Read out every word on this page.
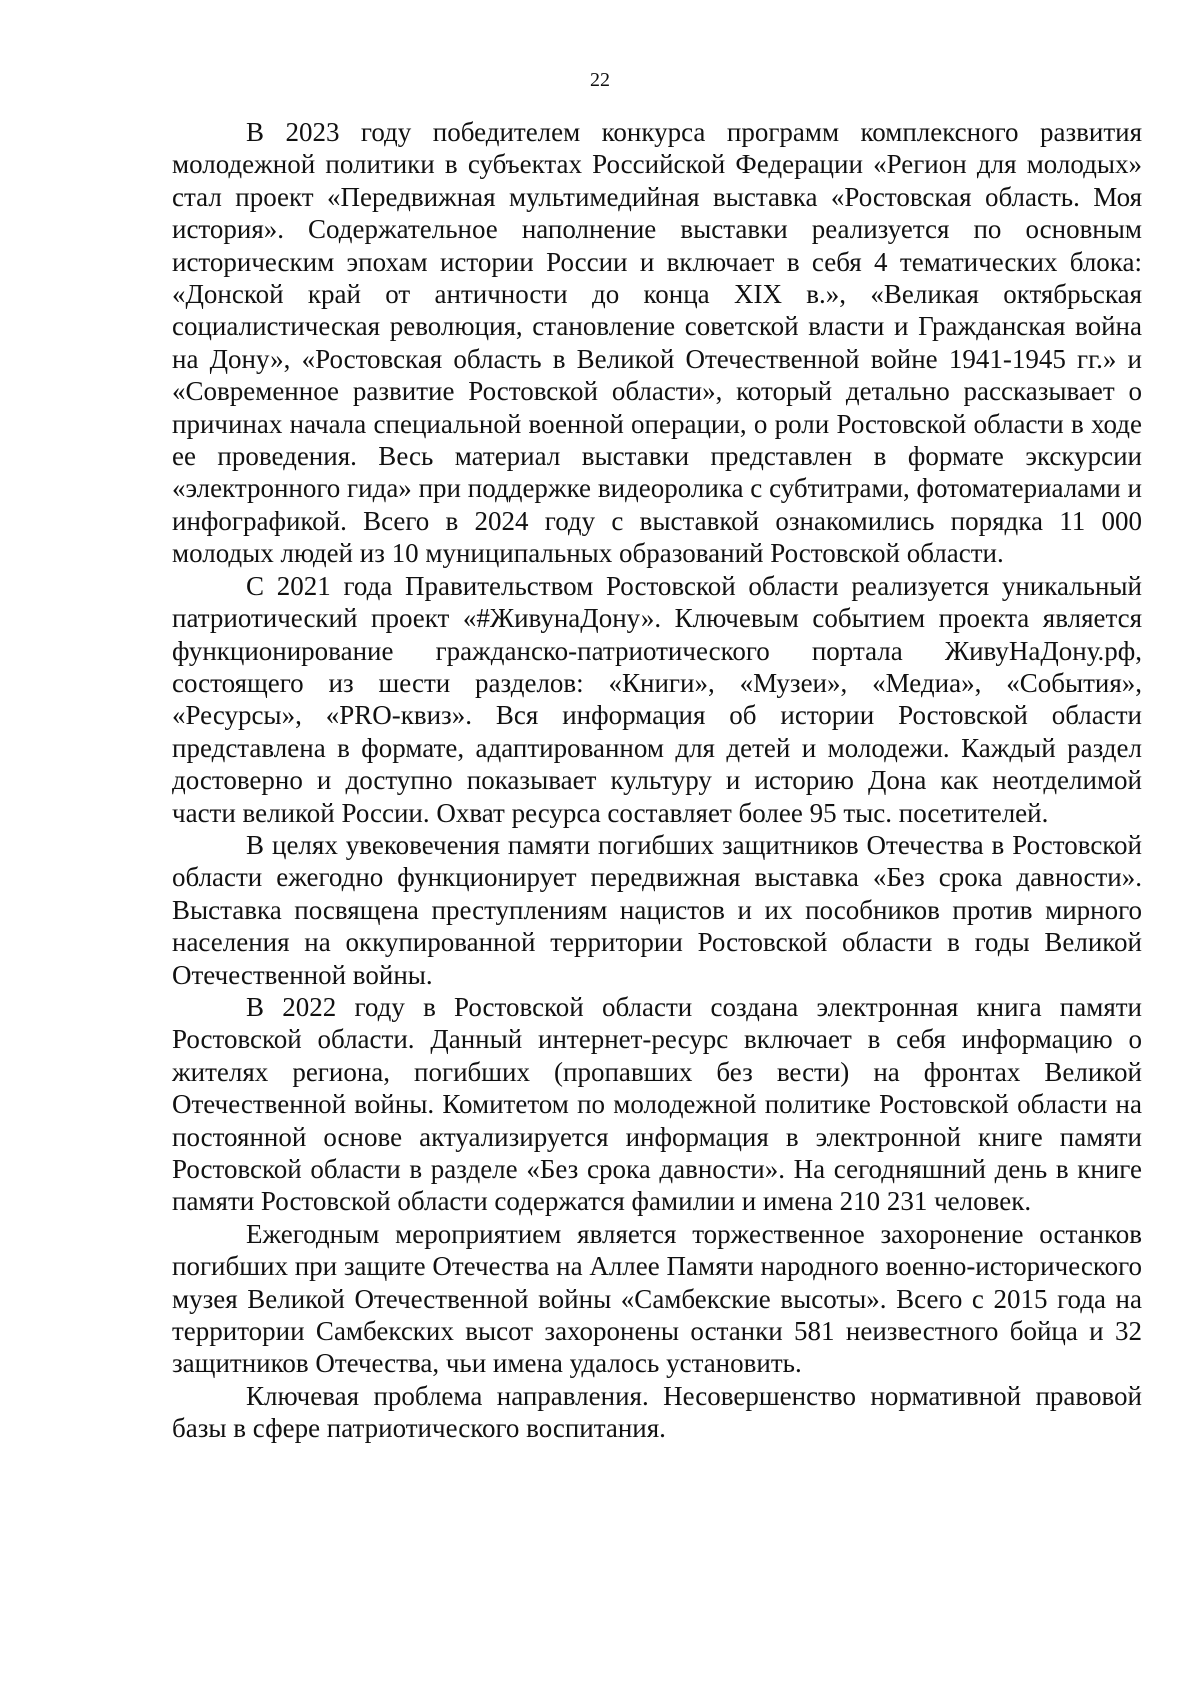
22

В 2023 году победителем конкурса программ комплексного развития молодежной политики в субъектах Российской Федерации «Регион для молодых» стал проект «Передвижная мультимедийная выставка «Ростовская область. Моя история». Содержательное наполнение выставки реализуется по основным историческим эпохам истории России и включает в себя 4 тематических блока: «Донской край от античности до конца XIX в.», «Великая октябрьская социалистическая революция, становление советской власти и Гражданская война на Дону», «Ростовская область в Великой Отечественной войне 1941-1945 гг.» и «Современное развитие Ростовской области», который детально рассказывает о причинах начала специальной военной операции, о роли Ростовской области в ходе ее проведения. Весь материал выставки представлен в формате экскурсии «электронного гида» при поддержке видеоролика с субтитрами, фотоматериалами и инфографикой. Всего в 2024 году с выставкой ознакомились порядка 11 000 молодых людей из 10 муниципальных образований Ростовской области.

С 2021 года Правительством Ростовской области реализуется уникальный патриотический проект «#ЖивунаДону». Ключевым событием проекта является функционирование гражданско-патриотического портала ЖивуНаДону.рф, состоящего из шести разделов: «Книги», «Музеи», «Медиа», «События», «Ресурсы», «PRO-квиз». Вся информация об истории Ростовской области представлена в формате, адаптированном для детей и молодежи. Каждый раздел достоверно и доступно показывает культуру и историю Дона как неотделимой части великой России. Охват ресурса составляет более 95 тыс. посетителей.

В целях увековечения памяти погибших защитников Отечества в Ростовской области ежегодно функционирует передвижная выставка «Без срока давности». Выставка посвящена преступлениям нацистов и их пособников против мирного населения на оккупированной территории Ростовской области в годы Великой Отечественной войны.

В 2022 году в Ростовской области создана электронная книга памяти Ростовской области. Данный интернет-ресурс включает в себя информацию о жителях региона, погибших (пропавших без вести) на фронтах Великой Отечественной войны. Комитетом по молодежной политике Ростовской области на постоянной основе актуализируется информация в электронной книге памяти Ростовской области в разделе «Без срока давности». На сегодняшний день в книге памяти Ростовской области содержатся фамилии и имена 210 231 человек.

Ежегодным мероприятием является торжественное захоронение останков погибших при защите Отечества на Аллее Памяти народного военно-исторического музея Великой Отечественной войны «Самбекские высоты». Всего с 2015 года на территории Самбекских высот захоронены останки 581 неизвестного бойца и 32 защитников Отечества, чьи имена удалось установить.

Ключевая проблема направления. Несовершенство нормативной правовой базы в сфере патриотического воспитания.
